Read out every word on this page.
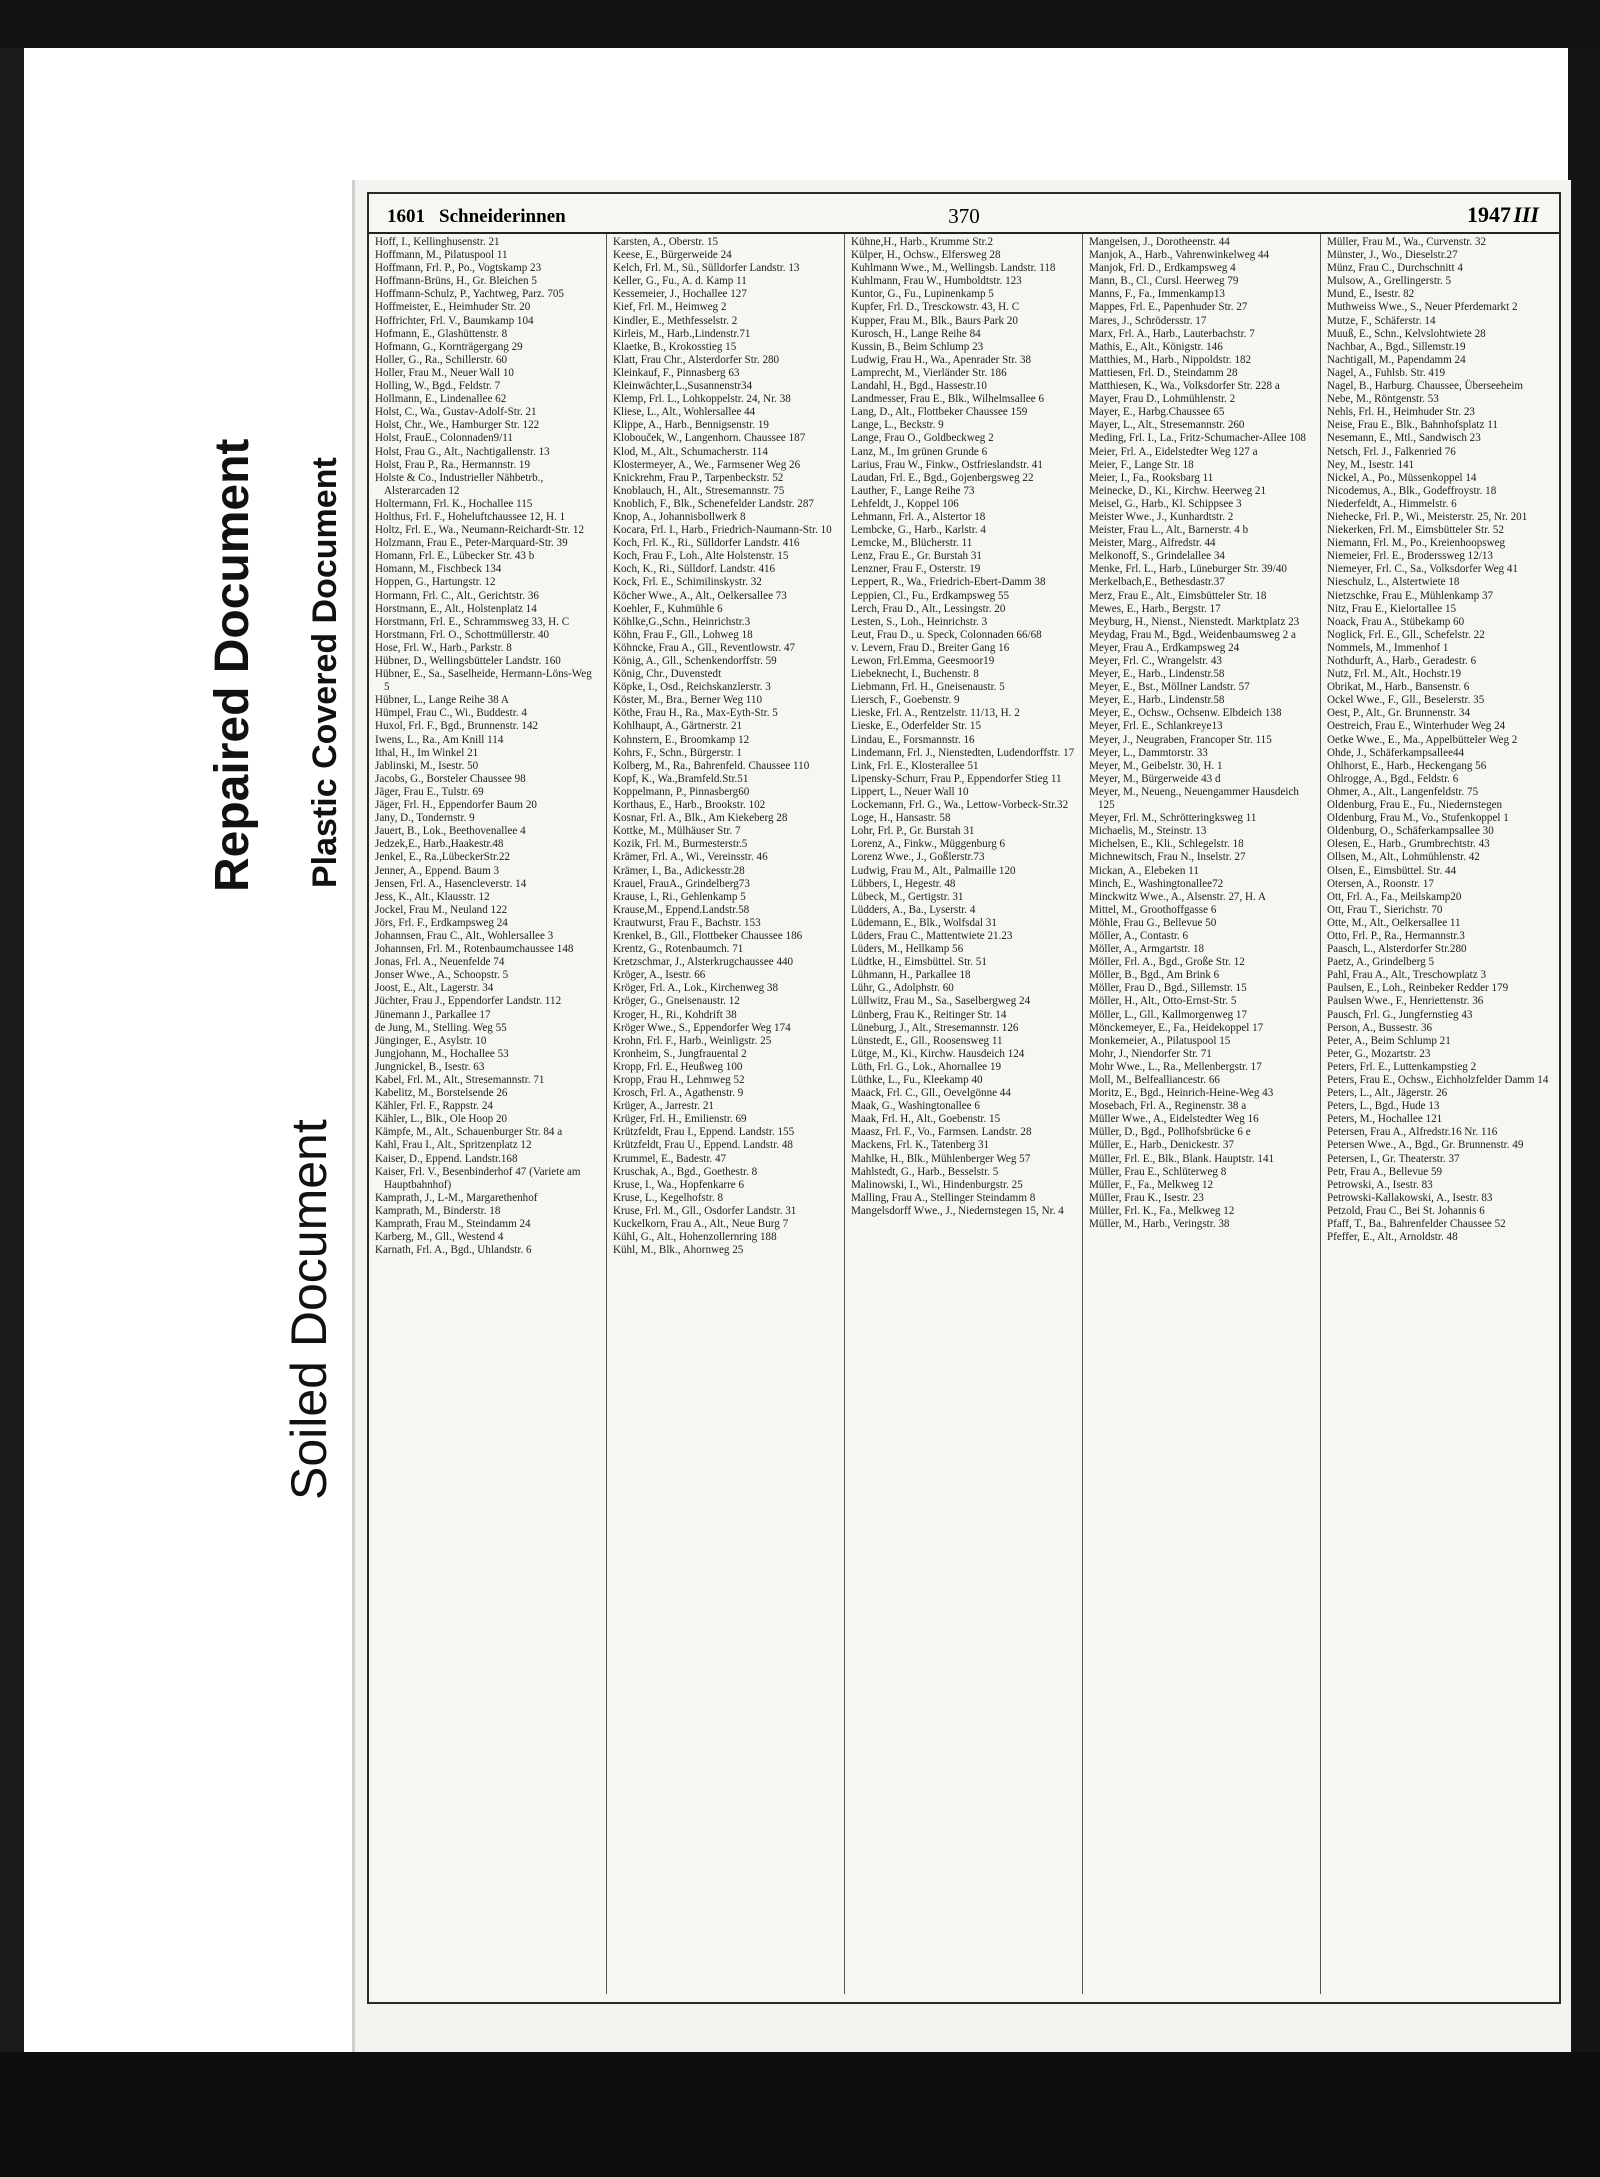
Repaired Document Plastic Covered Document
Soiled Document
1601 Schneiderinnen	370	1947 III
Hoff, I., Kellinghusenstr. 21
Hoffmann, M., Pilatuspool 11
Hoffmann, Frl. P., Po., Vogtskamp 23
Hoffmann-Brüns, H., Gr. Bleichen 5
Hoffmann-Schulz, P., Yachtweg, Parz. 705
Hoffmeister, E., Heimhuder Str. 20
Hoffrichter, Frl. V., Baumkamp 104
Hofmann, E., Glashüttenstr. 8
Hofmann, G., Kornträgergang 29
Holler, G., Ra., Schillerstr. 60
Holler, Frau M., Neuer Wall 10
Holling, W., Bgd., Feldstr. 7
Hollmann, E., Lindenallee 62
Holst, C., Wa., Gustav-Adolf-Str. 21
Holst, Chr., We., Hamburger Str. 122
Holst, FrauE., Colonnaden9/11
Holst, Frau G., Alt., Nachtigallenstr. 13
Holst, Frau P., Ra., Hermannstr. 19
Holste & Co., Industrieller Nähbetrb., Alsterarcaden 12
Holtermann, Frl. K., Hochallee 115
Holthus, Frl. F., Hoheluftchaussee 12, H. 1
Holtz, Frl. E., Wa., Neumann-Reichardt-Str. 12
Holzmann, Frau E., Peter-Marquard-Str. 39
Homann, Frl. E., Lübecker Str. 43 b
Homann, M., Fischbeck 134
Hoppen, G., Hartungstr. 12
Hormann, Frl. C., Alt., Gerichtstr. 36
Horstmann, E., Alt., Holstenplatz 14
Horstmann, Frl. E., Schrammsweg 33, H. C
Horstmann, Frl. O., Schottmüllerstr. 40
Hose, Frl. W., Harb., Parkstr. 8
Hübner, D., Wellingsbütteler Landstr. 160
Hübner, E., Sa., Saselheide, Hermann-Löns-Weg 5
Hübner, L., Lange Reihe 38 A
Hümpel, Frau C., Wi., Buddestr. 4
Huxol, Frl. F., Bgd., Brunnenstr. 142
Iwens, L., Ra., Am Knill 114
Ithal, H., Im Winkel 21
Jablinski, M., Isestr. 50
Jacobs, G., Borsteler Chaussee 98
Jäger, Frau E., Tulstr. 69
Jäger, Frl. H., Eppendorfer Baum 20
Jany, D., Tondernstr. 9
Jauert, B., Lok., Beethovenallee 4
Jedzek,E., Harb.,Haakestr.48
Jenkel, E., Ra.,LübeckerStr.22
Jenner, A., Eppend. Baum 3
Jensen, Frl. A., Hasencleverstr. 14
Jess, K., Alt., Klausstr. 12
Jockel, Frau M., Neuland 122
Jörs, Frl. F., Erdkampsweg 24
Johannsen, Frau C., Alt., Wohlersallee 3
Johannsen, Frl. M., Rotenbaumchaussee 148
Jonas, Frl. A., Neuenfelde 74
Jonser Wwe., A., Schoopstr. 5
Joost, E., Alt., Lagerstr. 34
Jüchter, Frau J., Eppendorfer Landstr. 112
Jünemann J., Parkallee 17
de Jung, M., Stelling. Weg 55
Jünginger, E., Asylstr. 10
Jungjohann, M., Hochallee 53
Jungnickel, B., Isestr. 63
Kabel, Frl. M., Alt., Stresemannstr. 71
Kabelitz, M., Borstelsende 26
Kähler, Frl. F., Rappstr. 24
Kähler, L., Blk., Ole Hoop 20
Kämpfe, M., Alt., Schauenburger Str. 84 a
Kahl, Frau I., Alt., Spritzenplatz 12
Kaiser, D., Eppend. Landstr.168
Kaiser, Frl. V., Besenbinderhof 47 (Variete am Hauptbahnhof)
Kamprath, J., L-M., Margarethenhof
Kamprath, M., Binderstr. 18
Kamprath, Frau M., Steindamm 24
Karberg, M., Gll., Westend 4
Karnath, Frl. A., Bgd., Uhlandstr. 6
Karsten, A., Oberstr. 15
Keese, E., Bürgerweide 24
Kelch, Frl. M., Sü., Sülldorfer Landstr. 13
Keller, G., Fu., A. d. Kamp 11
Kessemeier, J., Hochallee 127
Kief, Frl. M., Heimweg 2
Kindler, E., Methfesselstr. 2
Kirleis, M., Harb.,Lindenstr.71
Klaetke, B., Krokosstieg 15
Klatt, Frau Chr., Alsterdorfer Str. 280
Kleinkauf, F., Pinnasberg 63
Kleinwächter,L.,Susannenstr34
Klemp, Frl. L., Lohkoppelstr. 24, Nr. 38
Kliese, L., Alt., Wohlersallee 44
Klippe, A., Harb., Bennigsenstr. 19
Klobouček, W., Langenhorn. Chaussee 187
Klod, M., Alt., Schumacherstr. 114
Klostermeyer, A., We., Farmsener Weg 26
Knickrehm, Frau P., Tarpenbeckstr. 52
Knoblauch, H., Alt., Stresemannstr. 75
Knoblich, F., Blk., Schenefelder Landstr. 287
Knop, A., Johannisbollwerk 8
Kocara, Frl. I., Harb., Friedrich-Naumann-Str. 10
Koch, Frl. K., Ri., Sülldorfer Landstr. 416
Koch, Frau F., Loh., Alte Holstenstr. 15
Koch, K., Ri., Sülldorf. Landstr. 416
Kock, Frl. E., Schimilinskystr. 32
Köcher Wwe., A., Alt., Oelkersallee 73
Koehler, F., Kuhmühle 6
Köhlke,G.,Schn., Heinrichstr.3
Köhn, Frau F., Gll., Lohweg 18
Köhncke, Frau A., Gll., Reventlowstr. 47
König, A., Gll., Schenkendorffstr. 59
König, Chr., Duvenstedt
Köpke, I., Osd., Reichskanzlerstr. 3
Köster, M., Bra., Berner Weg 110
Köthe, Frau H., Ra., Max-Eyth-Str. 5
Kohlhaupt, A., Gärtnerstr. 21
Kohnstern, E., Broomkamp 12
Kohrs, F., Schn., Bürgerstr. 1
Kolberg, M., Ra., Bahrenfeld. Chaussee 110
Kopf, K., Wa.,Bramfeld.Str.51
Koppelmann, P., Pinnasberg60
Korthaus, E., Harb., Brookstr. 102
Kosnar, Frl. A., Blk., Am Kiekeberg 28
Kottke, M., Mülhäuser Str. 7
Kozik, Frl. M., Burmesterstr.5
Krämer, Frl. A., Wi., Vereinsstr. 46
Krämer, I., Ba., Adickesstr.28
Krauel, FrauA., Grindelberg73
Krause, I., Ri., Gehlenkamp 5
Krause,M., Eppend.Landstr.58
Krautwurst, Frau F., Bachstr. 153
Krenkel, B., Gll., Flottbeker Chaussee 186
Krentz, G., Rotenbaumch. 71
Kretzschmar, J., Alsterkrugchaussee 440
Kröger, A., Isestr. 66
Kröger, Frl. A., Lok., Kirchenweg 38
Kröger, G., Gneisenaustr. 12
Kroger, H., Ri., Kohdrift 38
Kröger Wwe., S., Eppendorfer Weg 174
Krohn, Frl. F., Harb., Weinligstr. 25
Kronheim, S., Jungfrauental 2
Kropp, Frl. E., Heußweg 100
Kropp, Frau H., Lehmweg 52
Krosch, Frl. A., Agathenstr. 9
Krüger, A., Jarrestr. 21
Krüger, Frl. H., Emilienstr. 69
Krützfeldt, Frau I., Eppend. Landstr. 155
Krützfeldt, Frau U., Eppend. Landstr. 48
Krummel, E., Badestr. 47
Kruschak, A., Bgd., Goethestr. 8
Kruse, I., Wa., Hopfenkarre 6
Kruse, L., Kegelhofstr. 8
Kruse, Frl. M., Gll., Osdorfer Landstr. 31
Kuckelkorn, Frau A., Alt., Neue Burg 7
Kühl, G., Alt., Hohenzollernring 188
Kühl, M., Blk., Ahornweg 25
Kühne,H., Harb., Krumme Str.2
Külper, H., Ochsw., Elfersweg 28
Kuhlmann Wwe., M., Wellingsb. Landstr. 118
Kuhlmann, Frau W., Humboldtstr. 123
Kuntor, G., Fu., Lupinenkamp 5
Kupfer, Frl. D., Tresckowstr. 43, H. C
Kupper, Frau M., Blk., Baurs Park 20
Kurosch, H., Lange Reihe 84
Kussin, B., Beim Schlump 23
Ludwig, Frau H., Wa., Apenrader Str. 38
Lamprecht, M., Vierländer Str. 186
Landahl, H., Bgd., Hassestr.10
Landmesser, Frau E., Blk., Wilhelmsallee 6
Lang, D., Alt., Flottbeker Chaussee 159
Lange, L., Beckstr. 9
Lange, Frau O., Goldbeckweg 2
Lanz, M., Im grünen Grunde 6
Larius, Frau W., Finkw., Ostfrieslandstr. 41
Laudan, Frl. E., Bgd., Gojenbergsweg 22
Lauther, F., Lange Reihe 73
Lehfeldt, J., Koppel 106
Lehmann, Frl. A., Alstertor 18
Lembcke, G., Harb., Karlstr. 4
Lemcke, M., Blücherstr. 11
Lenz, Frau E., Gr. Burstah 31
Lenzner, Frau F., Osterstr. 19
Leppert, R., Wa., Friedrich-Ebert-Damm 38
Leppien, Cl., Fu., Erdkampsweg 55
Lerch, Frau D., Alt., Lessingstr. 20
Lesten, S., Loh., Heinrichstr. 3
Leut, Frau D., u. Speck, Colonnaden 66/68
v. Levern, Frau D., Breiter Gang 16
Lewon, Frl.Emma, Geesmoor19
Liebeknecht, I., Buchenstr. 8
Liebmann, Frl. H., Gneisenaustr. 5
Liersch, F., Goebenstr. 9
Lieske, Frl. A., Rentzelstr. 11/13, H. 2
Lieske, E., Oderfelder Str. 15
Lindau, E., Forsmannstr. 16
Lindemann, Frl. J., Nienstedten, Ludendorffstr. 17
Link, Frl. E., Klosterallee 51
Lipensky-Schurr, Frau P., Eppendorfer Stieg 11
Lippert, L., Neuer Wall 10
Lockemann, Frl. G., Wa., Lettow-Vorbeck-Str.32
Loge, H., Hansastr. 58
Lohr, Frl. P., Gr. Burstah 31
Lorenz, A., Finkw., Müggenburg 6
Lorenz Wwe., J., Goßlerstr.73
Ludwig, Frau M., Alt., Palmaille 120
Lübbers, I., Hegestr. 48
Lübeck, M., Gertigstr. 31
Lüdders, A., Ba., Lyserstr. 4
Lüdemann, E., Blk., Wolfsdal 31
Lüders, Frau C., Mattentwiete 21.23
Lüders, M., Hellkamp 56
Lüdtke, H., Eimsbüttel. Str. 51
Lühmann, H., Parkallee 18
Lühr, G., Adolphstr. 60
Lüllwitz, Frau M., Sa., Saselbergweg 24
Lünberg, Frau K., Reitinger Str. 14
Lüneburg, J., Alt., Stresemannstr. 126
Lünstedt, E., Gll., Roosensweg 11
Lütge, M., Ki., Kirchw. Hausdeich 124
Lüth, Frl. G., Lok., Ahornallee 19
Lüthke, L., Fu., Kleekamp 40
Maack, Frl. C., Gll., Oevelgönne 44
Maak, G., Washingtonallee 6
Maak, Frl. H., Alt., Goebenstr. 15
Maasz, Frl. F., Vo., Farmsen. Landstr. 28
Mackens, Frl. K., Tatenberg 31
Mahlke, H., Blk., Mühlenberger Weg 57
Mahlstedt, G., Harb., Besselstr. 5
Malinowski, I., Wi., Hindenburgstr. 25
Malling, Frau A., Stellinger Steindamm 8
Mangelsdorff Wwe., J., Niedernstegen 15, Nr. 4
Mangelsen, J., Dorotheenstr. 44
Manjok, A., Harb., Vahrenwinkelweg 44
Manjok, Frl. D., Erdkampsweg 4
Mann, B., Cl., Cursl. Heerweg 79
Manns, F., Fa., Immenkamp13
Mappes, Frl. E., Papenhuder Str. 27
Mares, J., Schrödersstr. 17
Marx, Frl. A., Harb., Lauterbachstr. 7
Mathis, E., Alt., Königstr. 146
Matthies, M., Harb., Nippoldstr. 182
Mattiesen, Frl. D., Steindamm 28
Matthiesen, K., Wa., Volksdorfer Str. 228 a
Mayer, Frau D., Lohmühlenstr. 2
Mayer, E., Harbg.Chaussee 65
Mayer, L., Alt., Stresemannstr. 260
Meding, Frl. I., La., Fritz-Schumacher-Allee 108
Meier, Frl. A., Eidelstedter Weg 127 a
Meier, F., Lange Str. 18
Meier, I., Fa., Rooksbarg 11
Meinecke, D., Ki., Kirchw. Heerweg 21
Meisel, G., Harb., Kl. Schippsee 3
Meister Wwe., J., Kunhardtstr. 2
Meister, Frau L., Alt., Barnerstr. 4 b
Meister, Marg., Alfredstr. 44
Melkonoff, S., Grindelallee 34
Menke, Frl. L., Harb., Lüneburger Str. 39/40
Merkelbach,E., Bethesdastr.37
Merz, Frau E., Alt., Eimsbütteler Str. 18
Mewes, E., Harb., Bergstr. 17
Meyburg, H., Nienst., Nienstedt. Marktplatz 23
Meydag, Frau M., Bgd., Weidenbaumsweg 2 a
Meyer, Frau A., Erdkampsweg 24
Meyer, Frl. C., Wrangelstr. 43
Meyer, E., Harb., Lindenstr.58
Meyer, E., Bst., Möllner Landstr. 57
Meyer, E., Harb., Lindenstr.58
Meyer, E., Ochsw., Ochsenw. Elbdeich 138
Meyer, Frl. E., Schlankreye13
Meyer, J., Neugraben, Francoper Str. 115
Meyer, L., Dammtorstr. 33
Meyer, M., Geibelstr. 30, H. 1
Meyer, M., Bürgerweide 43 d
Meyer, M., Neueng., Neuengammer Hausdeich 125
Meyer, Frl. M., Schrötteringksweg 11
Michaelis, M., Steinstr. 13
Michelsen, E., Kli., Schlegelstr. 18
Michnewitsch, Frau N., Inselstr. 27
Mickan, A., Elebeken 11
Minch, E., Washingtonallee72
Minckwitz Wwe., A., Alsenstr. 27, H. A
Mittel, M., Groothoffgasse 6
Möhle, Frau G., Bellevue 50
Möller, A., Contastr. 6
Möller, A., Armgartstr. 18
Möller, Frl. A., Bgd., Große Str. 12
Möller, B., Bgd., Am Brink 6
Möller, Frau D., Bgd., Sillemstr. 15
Möller, H., Alt., Otto-Ernst-Str. 5
Möller, L., Gll., Kallmorgenweg 17
Mönckemeyer, E., Fa., Heidekoppel 17
Monkemeier, A., Pilatuspool 15
Mohr, J., Niendorfer Str. 71
Mohr Wwe., L., Ra., Mellenbergstr. 17
Moll, M., Belfealliancestr. 66
Moritz, E., Bgd., Heinrich-Heine-Weg 43
Mosebach, Frl. A., Reginenstr. 38 a
Müller Wwe., A., Eidelstedter Weg 16
Müller, D., Bgd., Pollhofsbrücke 6 e
Müller, E., Harb., Denickestr. 37
Müller, Frl. E., Blk., Blank. Hauptstr. 141
Müller, Frau E., Schlüterweg 8
Müller, F., Fa., Melkweg 12
Müller, Frau K., Isestr. 23
Müller, Frl. K., Fa., Melkweg 12
Müller, M., Harb., Veringstr. 38
Müller, Frau M., Wa., Curvenstr. 32
Münster, J., Wo., Dieselstr.27
Münz, Frau C., Durchschnitt 4
Mulsow, A., Grellingerstr. 5
Mund, E., Isestr. 82
Muthweiss Wwe., S., Neuer Pferdemarkt 2
Mutze, F., Schäferstr. 14
Muuß, E., Schn., Kelvslohtwiete 28
Nachbar, A., Bgd., Sillemstr.19
Nachtigall, M., Papendamm 24
Nagel, A., Fuhlsb. Str. 419
Nagel, B., Harburg. Chaussee, Überseeheim
Nebe, M., Röntgenstr. 53
Nehls, Frl. H., Heimhuder Str. 23
Neise, Frau E., Blk., Bahnhofsplatz 11
Nesemann, E., Mtl., Sandwisch 23
Netsch, Frl. J., Falkenried 76
Ney, M., Isestr. 141
Nickel, A., Po., Müssenkoppel 14
Nicodemus, A., Blk., Godeffroystr. 18
Niederfeldt, A., Himmelstr. 6
Niehecke, Frl. P., Wi., Meisterstr. 25, Nr. 201
Niekerken, Frl. M., Eimsbütteler Str. 52
Niemann, Frl. M., Po., Kreienhoopsweg
Niemeier, Frl. E., Broderssweg 12/13
Niemeyer, Frl. C., Sa., Volksdorfer Weg 41
Nieschulz, L., Alstertwiete 18
Nietzschke, Frau E., Mühlenkamp 37
Nitz, Frau E., Kielortallee 15
Noack, Frau A., Stübekamp 60
Noglick, Frl. E., Gll., Schefelstr. 22
Nommels, M., Immenhof 1
Nothdurft, A., Harb., Geradestr. 6
Nutz, Frl. M., Alt., Hochstr.19
Obrikat, M., Harb., Bansenstr. 6
Ockel Wwe., F., Gll., Beselerstr. 35
Oest, P., Alt., Gr. Brunnenstr. 34
Oestreich, Frau E., Winterhuder Weg 24
Oetke Wwe., E., Ma., Appelbütteler Weg 2
Ohde, J., Schäferkampsallee44
Ohlhorst, E., Harb., Heckengang 56
Ohlrogge, A., Bgd., Feldstr. 6
Ohmer, A., Alt., Langenfeldstr. 75
Oldenburg, Frau E., Fu., Niedernstegen
Oldenburg, Frau M., Vo., Stufenkoppel 1
Oldenburg, O., Schäferkampsallee 30
Olesen, E., Harb., Grumbrechtstr. 43
Ollsen, M., Alt., Lohmühlenstr. 42
Olsen, E., Eimsbüttel. Str. 44
Otersen, A., Roonstr. 17
Ott, Frl. A., Fa., Meilskamp20
Ott, Frau T., Sierichstr. 70
Otte, M., Alt., Oelkersallee 11
Otto, Frl. P., Ra., Hermannstr.3
Paasch, L., Alsterdorfer Str.280
Paetz, A., Grindelberg 5
Pahl, Frau A., Alt., Treschowplatz 3
Paulsen, E., Loh., Reinbeker Redder 179
Paulsen Wwe., F., Henriettenstr. 36
Pausch, Frl. G., Jungfernstieg 43
Person, A., Bussestr. 36
Peter, A., Beim Schlump 21
Peter, G., Mozartstr. 23
Peters, Frl. E., Luttenkampstieg 2
Peters, Frau E., Ochsw., Eichholzfelder Damm 14
Peters, L., Alt., Jägerstr. 26
Peters, L., Bgd., Hude 13
Peters, M., Hochallee 121
Petersen, Frau A., Alfredstr.16 Nr. 116
Petersen Wwe., A., Bgd., Gr. Brunnenstr. 49
Petersen, I., Gr. Theaterstr. 37
Petr, Frau A., Bellevue 59
Petrowski, A., Isestr. 83
Petrowski-Kallakowski, A., Isestr. 83
Petzold, Frau C., Bei St. Johannis 6
Pfaff, T., Ba., Bahrenfelder Chaussee 52
Pfeffer, E., Alt., Arnoldstr. 48
